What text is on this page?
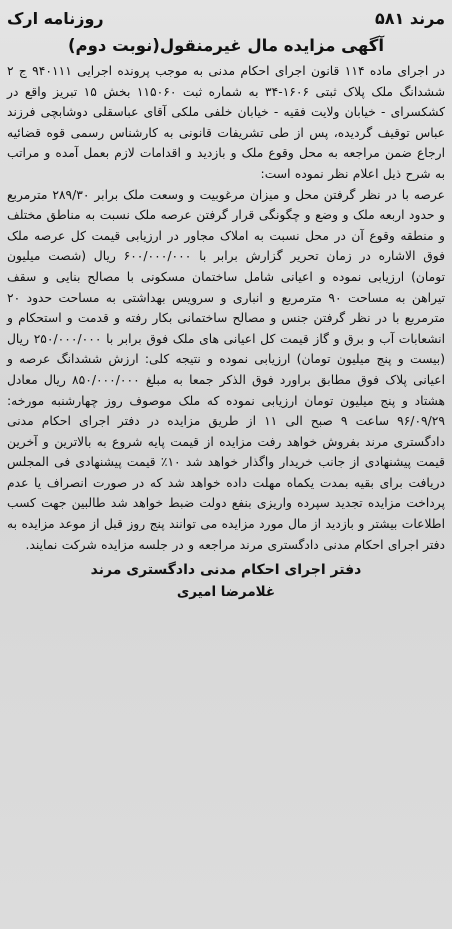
مرند ۵۸۱
روزنامه ارک
آگهی مزایده مال غیرمنقول(نوبت دوم)

در اجرای ماده ۱۱۴ قانون اجرای احکام مدنی به موجب پرونده اجرایی ۹۴۰۱۱۱ ج ۲ ششدانگ ملک پلاک ثبتی ۱۶۰۶-۳۴ به شماره ثبت ۱۱۵۰۶۰ بخش ۱۵ تبریز واقع در کشکسرای - خیابان ولایت فقیه - خیابان خلفی ملکی آقای عباسقلی دوشابچی فرزند عباس توقیف گردیده، پس از طی تشریفات قانونی به کارشناس رسمی قوه قضائیه ارجاع ضمن مراجعه به محل وقوع ملک و بازدید و اقدامات لازم بعمل آمده و مراتب به شرح ذیل اعلام نظر نموده است:

عرصه با در نظر گرفتن محل و میزان مرغوبیت و وسعت ملک برابر ۲۸۹/۳۰ مترمربع و حدود اربعه ملک و وضع و چگونگی قرار گرفتن عرصه ملک نسبت به مناطق مختلف و منطقه وقوع آن در محل نسبت به املاک مجاور در ارزیابی قیمت کل عرصه ملک فوق الاشاره در زمان تحریر گزارش برابر با ۶۰۰/۰۰۰/۰۰۰ ریال (شصت میلیون تومان) ارزیابی نموده و اعیانی شامل ساختمان مسکونی با مصالح بنایی و سقف تیراهن به مساحت ۹۰ مترمربع و انباری و سرویس بهداشتی به مساحت حدود ۲۰ مترمربع با در نظر گرفتن جنس و مصالح ساختمانی بکار رفته و قدمت و استحکام و انشعابات آب و برق و گاز قیمت کل اعیانی های ملک فوق برابر با ۲۵۰/۰۰۰/۰۰۰ ریال (بیست و پنج میلیون تومان) ارزیابی نموده و نتیجه کلی: ارزش ششدانگ عرصه و اعیانی پلاک فوق مطابق براورد فوق الذکر جمعا به مبلغ ۸۵۰/۰۰۰/۰۰۰ ریال معادل هشتاد و پنج میلیون تومان ارزیابی نموده که ملک موصوف روز چهارشنبه مورخه: ۹۶/۰۹/۲۹ ساعت ۹ صبح الی ۱۱ از طریق مزایده در دفتر اجرای احکام مدنی دادگستری مرند بفروش خواهد رفت مزایده از قیمت پایه شروع به بالاترین و آخرین قیمت پیشنهادی از جانب خریدار واگذار خواهد شد ۱۰٪ قیمت پیشنهادی فی المجلس دریافت برای بقیه بمدت یکماه مهلت داده خواهد شد که در صورت انصراف یا عدم پرداخت مزایده تجدید سپرده واریزی بنفع دولت ضبط خواهد شد طالبین جهت کسب اطلاعات بیشتر و بازدید از مال مورد مزایده می توانند پنج روز قبل از موعد مزایده به دفتر اجرای احکام مدنی دادگستری مرند مراجعه و در جلسه مزایده شرکت نمایند.

دفتر اجرای احکام مدنی دادگستری مرند
غلامرضا امیری
